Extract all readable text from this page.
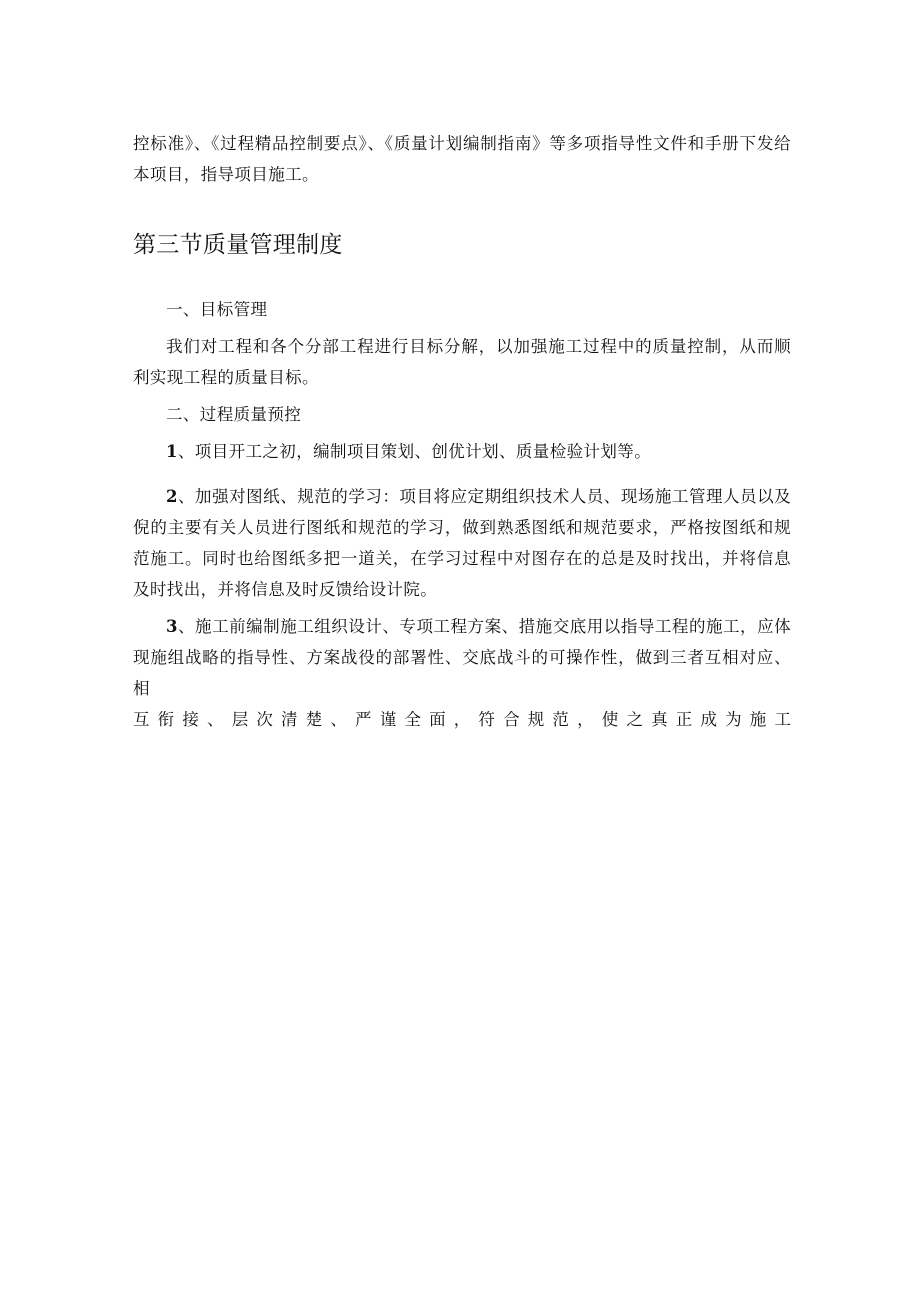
控标准》、《过程精品控制要点》、《质量计划编制指南》等多项指导性文件和手册下发给本项目，指导项目施工。

第三节质量管理制度

一、目标管理

我们对工程和各个分部工程进行目标分解，以加强施工过程中的质量控制，从而顺利实现工程的质量目标。

二、过程质量预控

1、项目开工之初，编制项目策划、创优计划、质量检验计划等。

2、加强对图纸、规范的学习：项目将应定期组织技术人员、现场施工管理人员以及倪的主要有关人员进行图纸和规范的学习，做到熟悉图纸和规范要求，严格按图纸和规范施工。同时也给图纸多把一道关，在学习过程中对图存在的总是及时找出，并将信息及时找出，并将信息及时反馈给设计院。

3、施工前编制施工组织设计、专项工程方案、措施交底用以指导工程的施工，应体现施组战略的指导性、方案战役的部署性、交底战斗的可操作性，做到三者互相对应、相

互 衔 接 、 层 次 清 楚 、 严 谨 全 面 ， 符 合 规 范 ， 使 之 真 正 成 为 施 工
